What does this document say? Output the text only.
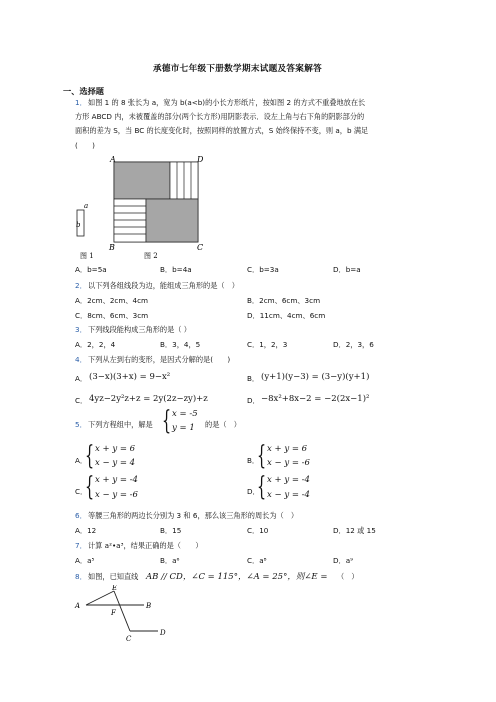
承德市七年级下册数学期末试题及答案解答
一、选择题
1． 如图 1 的 8 张长为 a，宽为 b(a<b)的小长方形纸片，按如图 2 的方式不重叠地放在长
方形 ABCD 内，未被覆盖的部分(两个长方形)用阴影表示．设左上角与右下角的阴影部分的
面积的差为 S，当 BC 的长度变化时，按照同样的放置方式，S 始终保持不变，则 a，b 满足
(　　)
a
b
A	D
B	C
图 1	图 2
A．b=5a	B．b=4a	C．b=3a	D．b=a
2． 以下列各组线段为边，能组成三角形的是（　）
A．2cm、2cm、4cm	B．2cm、6cm、3cm
C．8cm、6cm、3cm	D．11cm、4cm、6cm
3． 下列线段能构成三角形的是（ ）
A．2，2，4	B．3，4，5	C．1，2，3	D．2，3，6
4． 下列从左到右的变形，是因式分解的是(　　)
A． (3−x)(3+x) = 9−x²	B． (y+1)(y−3) = (3−y)(y+1)
C． 4yz−2y²z+z = 2y(2z−zy)+z	D． −8x²+8x−2 = −2(2x−1)²
5． 下列方程组中，解是 { x = -5
y = 1 的是（　）
A．
{ x + y = 6
x − y = 4	B．
{ x + y = 6
x − y = -6
C．
{ x + y = -4
x − y = -6	D．
{ x + y = -4
x − y = -4
6． 等腰三角形的两边长分别为 3 和 6，那么该三角形的周长为（　）
A．12	B．15	C．10	D．12 或 15
7． 计算 a²•a³，结果正确的是（　　）
A．a⁵	B．a⁶	C．a⁸	D．a⁹
8． 如图，已知直线 AB // CD，∠C = 115°，∠A = 25°，则∠E = （　）
E
A	B
F
C
D
